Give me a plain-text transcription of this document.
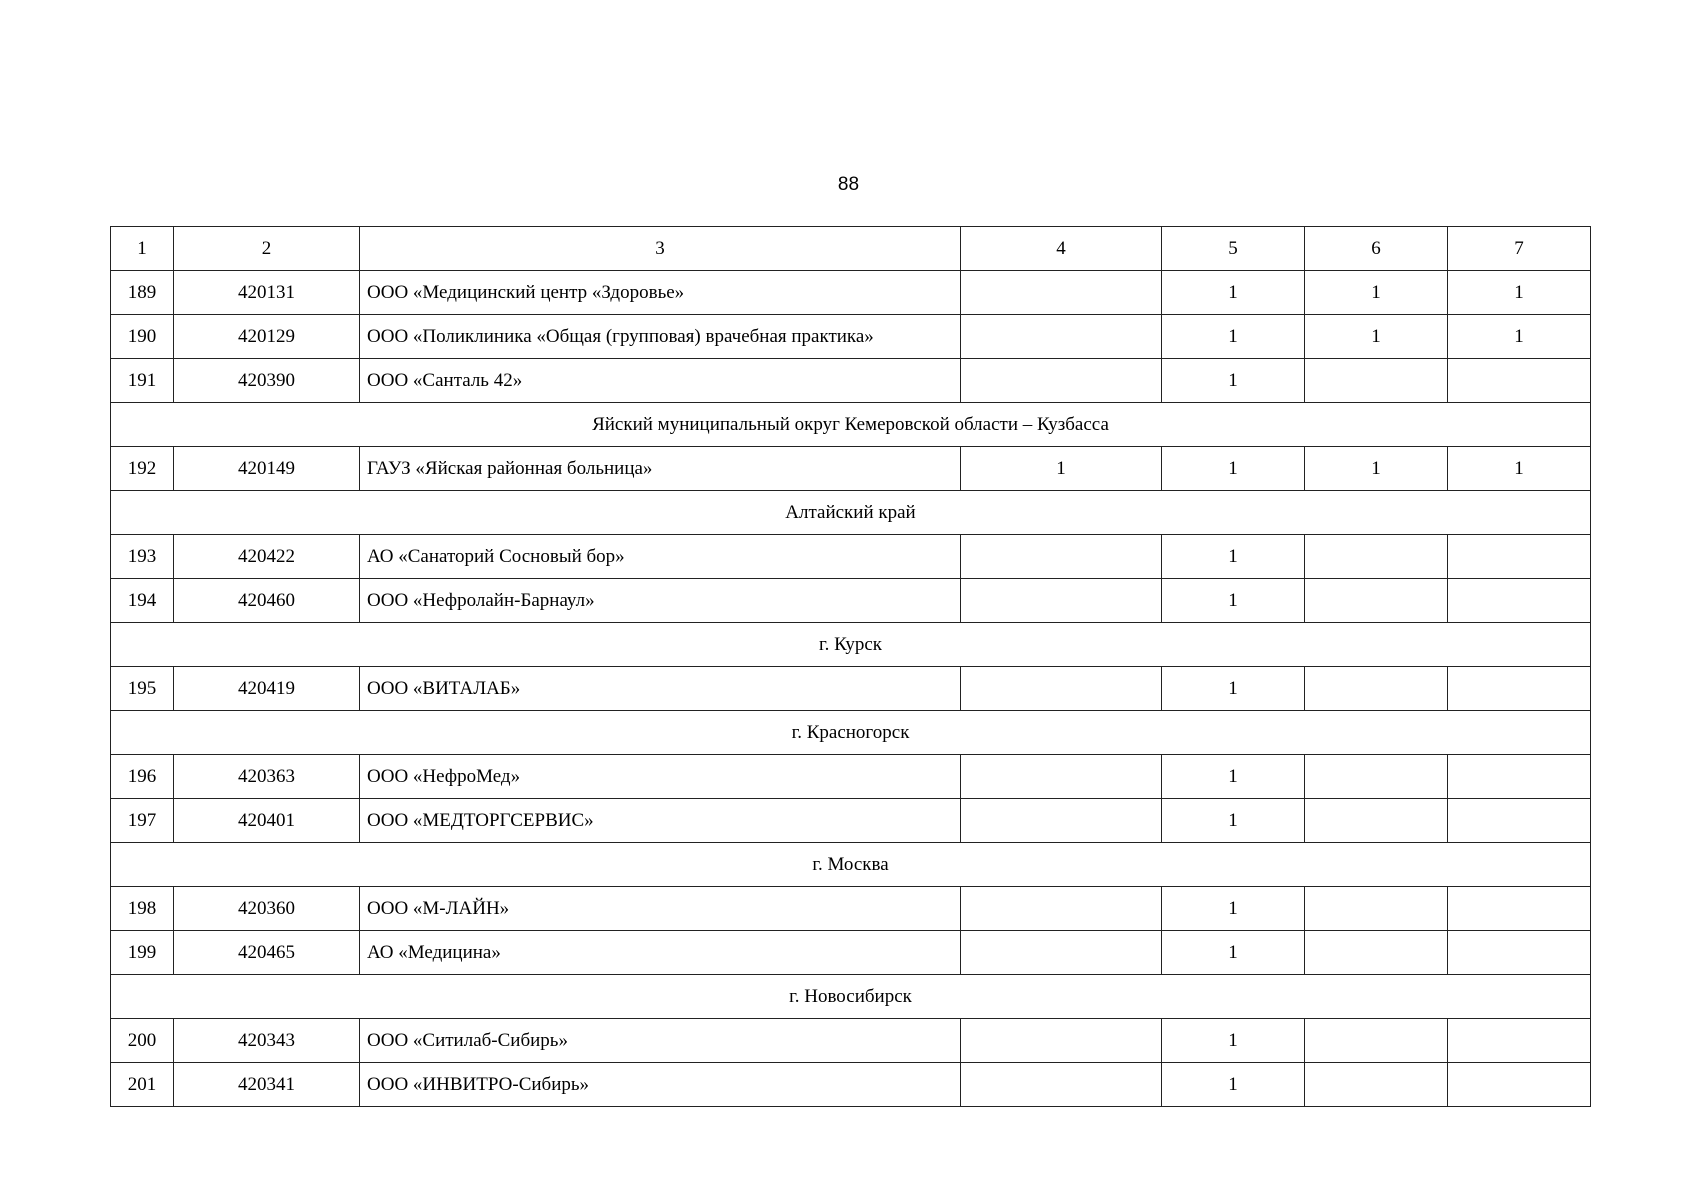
88
1	2	3	4	5	6	7
189	420131	ООО «Медицинский центр «Здоровье»		1	1	1
190	420129	ООО «Поликлиника «Общая (групповая) врачебная практика»		1	1	1
191	420390	ООО «Санталь 42»		1		
Яйский муниципальный округ Кемеровской области – Кузбасса						
192	420149	ГАУЗ «Яйская районная больница»	1	1	1	1
Алтайский край						
193	420422	АО «Санаторий Сосновый бор»		1		
194	420460	ООО «Нефролайн-Барнаул»		1		
г. Курск						
195	420419	ООО «ВИТАЛАБ»		1		
г. Красногорск						
196	420363	ООО «НефроМед»		1		
197	420401	ООО «МЕДТОРГСЕРВИС»		1		
г. Москва						
198	420360	ООО «М-ЛАЙН»		1		
199	420465	АО «Медицина»		1		
г. Новосибирск						
200	420343	ООО «Ситилаб-Сибирь»		1		
201	420341	ООО «ИНВИТРО-Сибирь»		1		
